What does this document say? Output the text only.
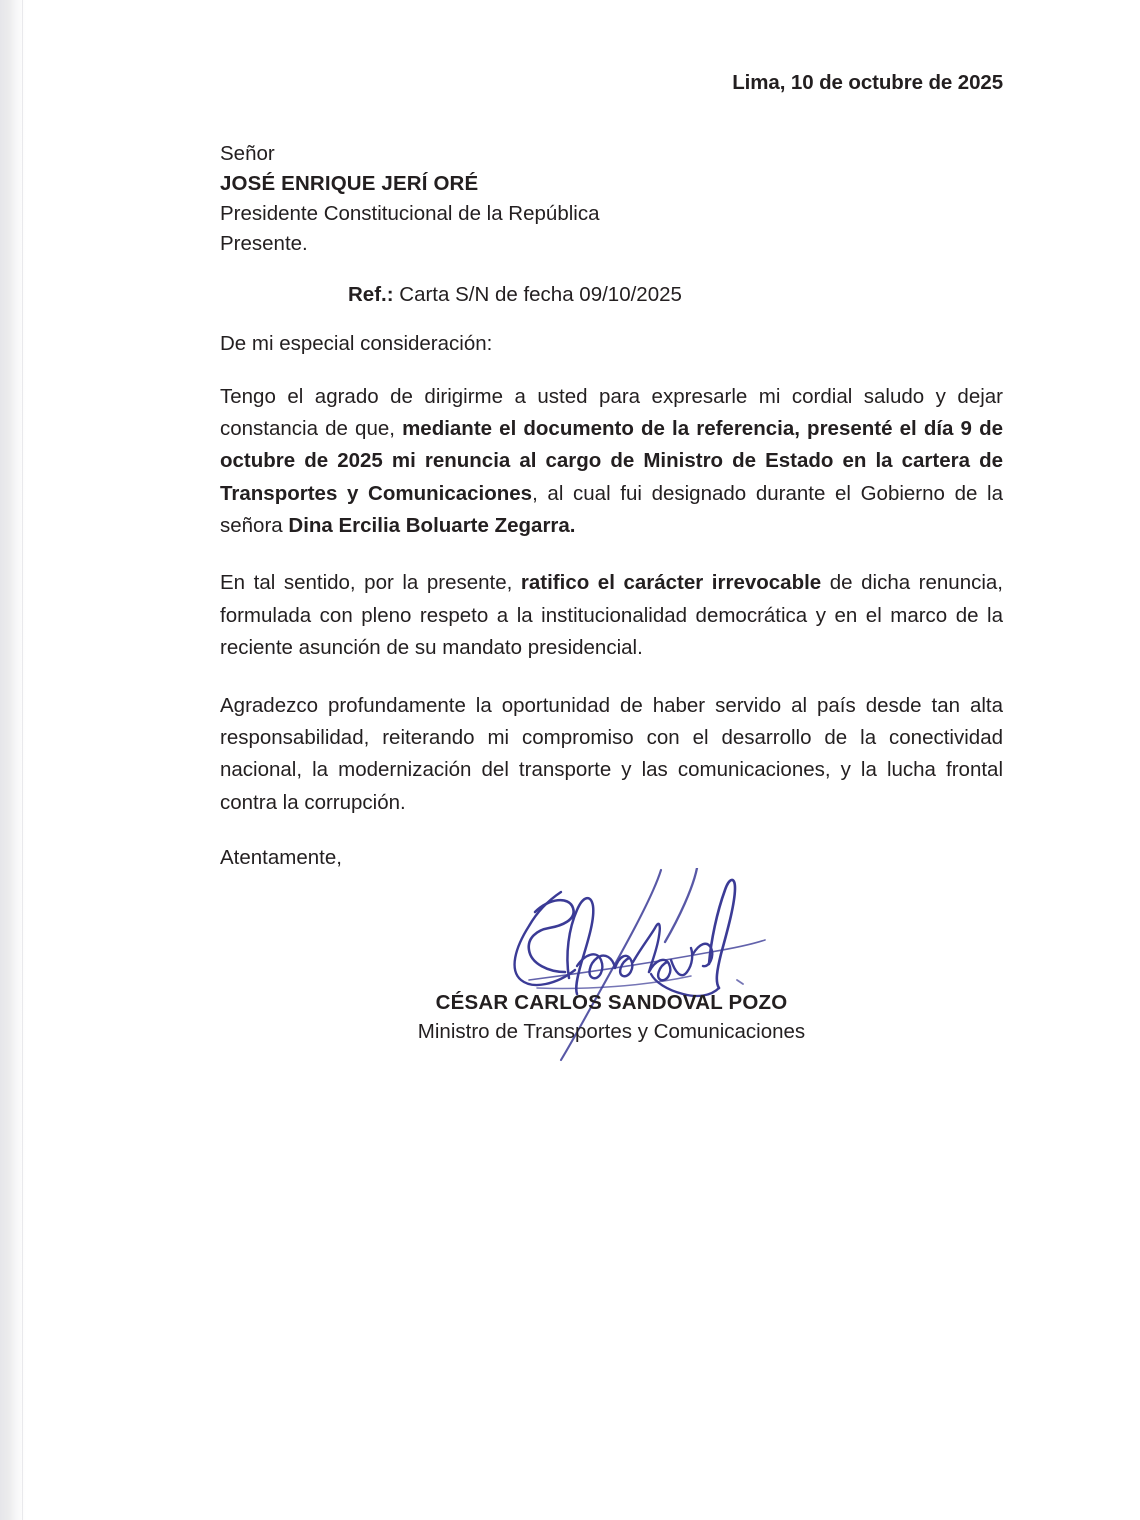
Lima, 10 de octubre de 2025
Señor
JOSÉ ENRIQUE JERÍ ORÉ
Presidente Constitucional de la República
Presente.
Ref.: Carta S/N de fecha 09/10/2025
De mi especial consideración:

Tengo el agrado de dirigirme a usted para expresarle mi cordial saludo y dejar constancia de que, mediante el documento de la referencia, presenté el día 9 de octubre de 2025 mi renuncia al cargo de Ministro de Estado en la cartera de Transportes y Comunicaciones, al cual fui designado durante el Gobierno de la señora Dina Ercilia Boluarte Zegarra.

En tal sentido, por la presente, ratifico el carácter irrevocable de dicha renuncia, formulada con pleno respeto a la institucionalidad democrática y en el marco de la reciente asunción de su mandato presidencial.

Agradezco profundamente la oportunidad de haber servido al país desde tan alta responsabilidad, reiterando mi compromiso con el desarrollo de la conectividad nacional, la modernización del transporte y las comunicaciones, y la lucha frontal contra la corrupción.

Atentamente,
CÉSAR CARLOS SANDOVAL POZO
Ministro de Transportes y Comunicaciones
